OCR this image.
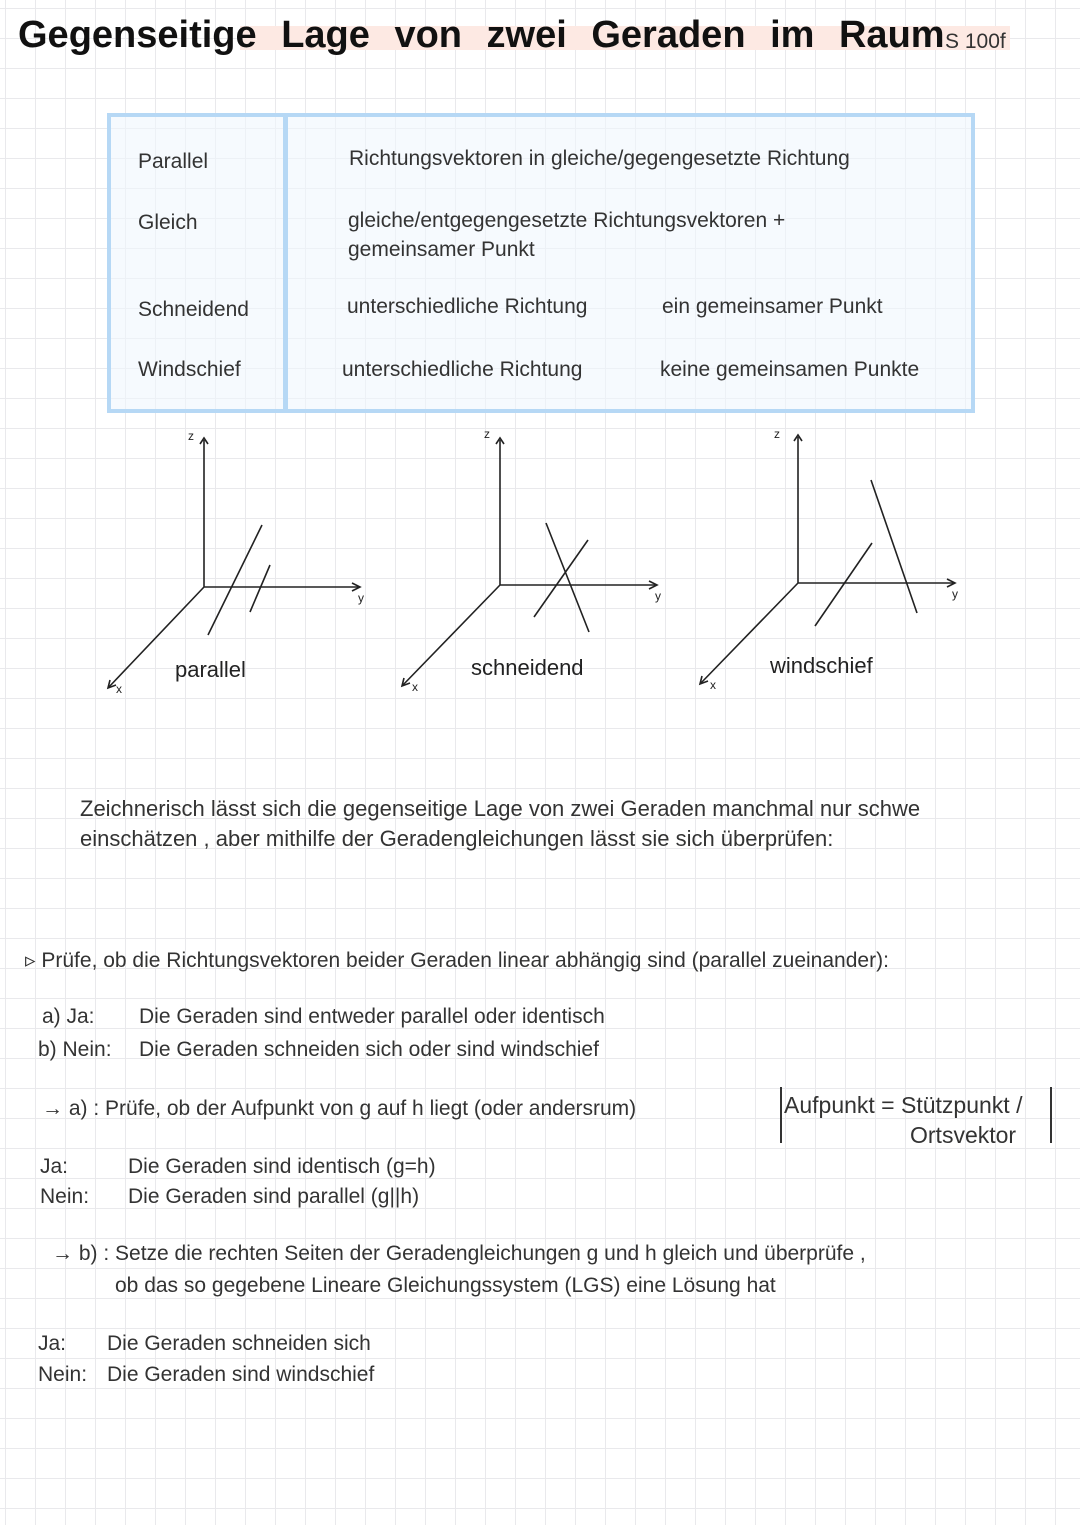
Gegenseitige Lage von zwei Geraden im Raum S 100f
Parallel	Richtungsvektoren in gleiche/gegengesetzte Richtung
Gleich	gleiche/entgegengesetzte Richtungsvektoren +
gemeinsamer Punkt
Schneidend	unterschiedliche Richtung	ein gemeinsamer Punkt
Windschief	unterschiedliche Richtung	keine gemeinsamen Punkte
z
y
x
z
y
x
z
y
x
parallel	schneidend	windschief
Zeichnerisch lässt sich die gegenseitige Lage von zwei Geraden manchmal nur schwe
einschätzen , aber mithilfe der Geradengleichungen lässt sie sich überprüfen:
▹ Prüfe, ob die Richtungsvektoren beider Geraden linear abhängig sind (parallel zueinander):
a) Ja: Die Geraden sind entweder parallel oder identisch
b) Nein: Die Geraden schneiden sich oder sind windschief
→ a) : Prüfe, ob der Aufpunkt von g auf h liegt (oder andersrum)	Aufpunkt = Stützpunkt /
Ortsvektor
Ja:	Die Geraden sind identisch (g=h)
Nein: Die Geraden sind parallel (g||h)
→ b) : Setze die rechten Seiten der Geradengleichungen g und h gleich und überprüfe ,
ob das so gegebene Lineare Gleichungssystem (LGS) eine Lösung hat
Ja: Die Geraden schneiden sich
Nein: Die Geraden sind windschief
